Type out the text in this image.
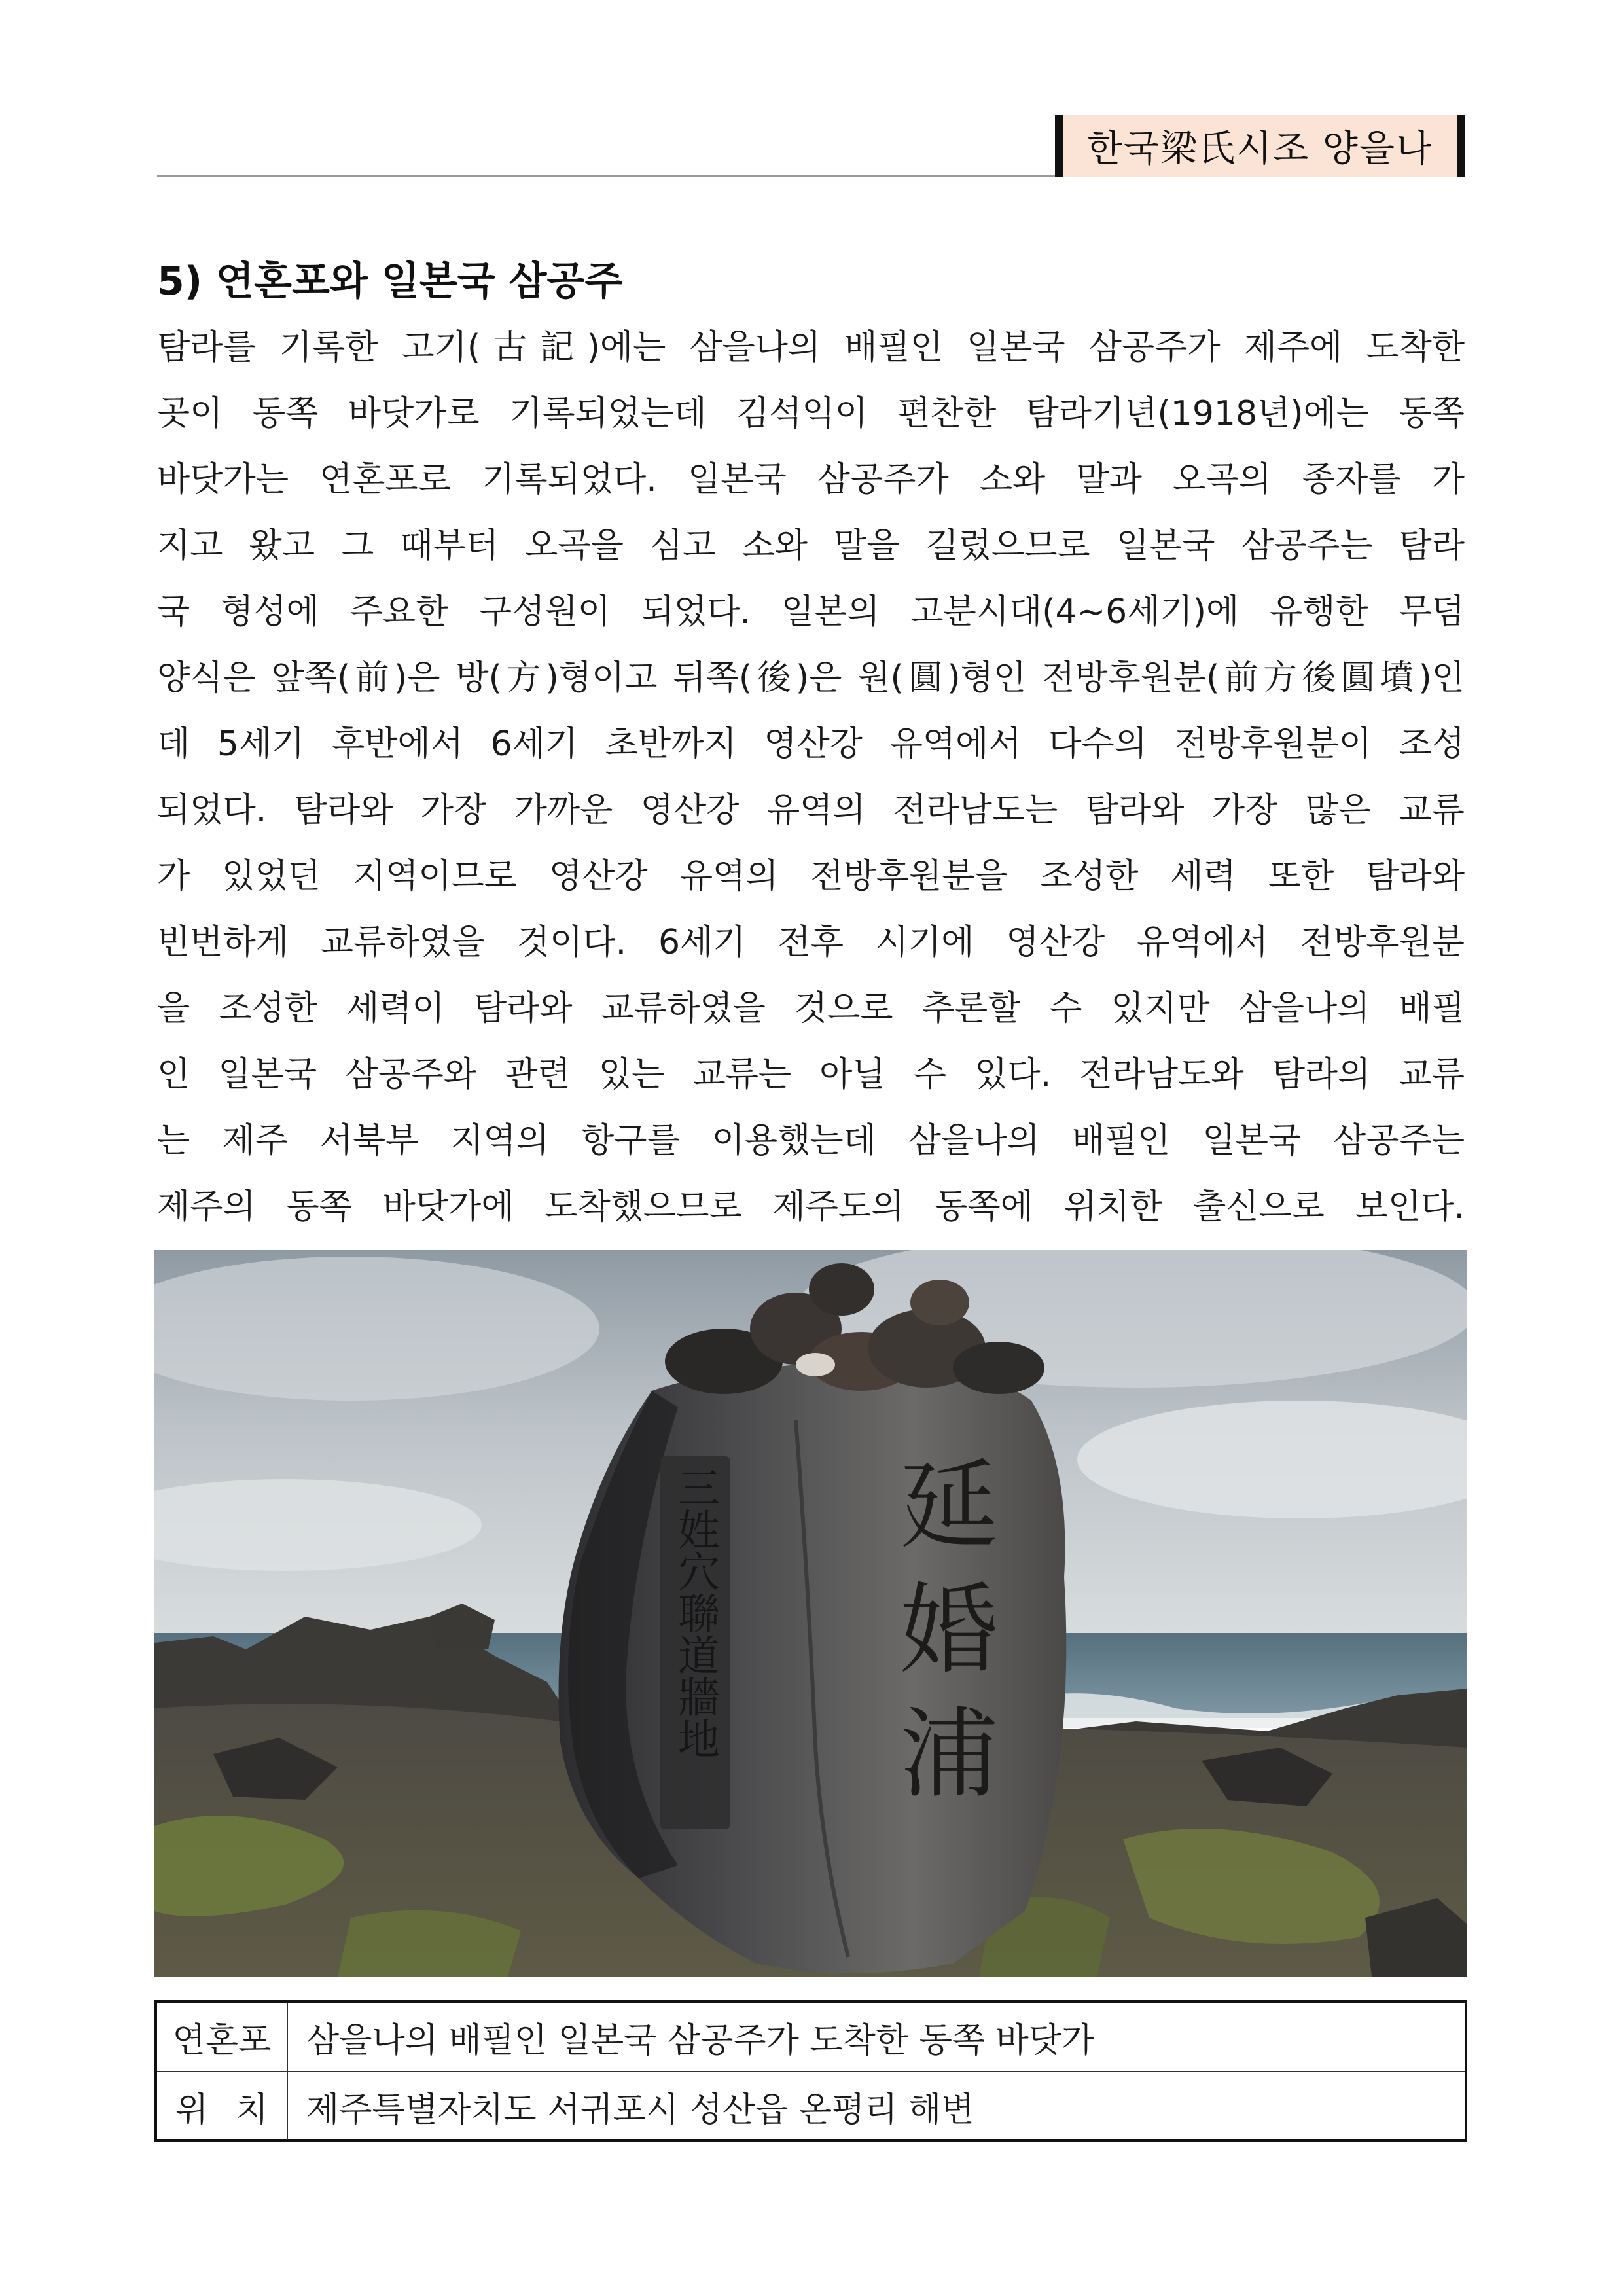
한국梁氏시조 양을나
5) 연혼포와 일본국 삼공주
탐라를 기록한 고기(古記)에는 삼을나의 배필인 일본국 삼공주가 제주에 도착한
곳이 동쪽 바닷가로 기록되었는데 김석익이 편찬한 탐라기년(1918년)에는 동쪽
바닷가는 연혼포로 기록되었다. 일본국 삼공주가 소와 말과 오곡의 종자를 가
지고 왔고 그 때부터 오곡을 심고 소와 말을 길렀으므로 일본국 삼공주는 탐라
국 형성에 주요한 구성원이 되었다. 일본의 고분시대(4~6세기)에 유행한 무덤
양식은 앞쪽(前)은 방(方)형이고 뒤쪽(後)은 원(圓)형인 전방후원분(前方後圓墳)인
데 5세기 후반에서 6세기 초반까지 영산강 유역에서 다수의 전방후원분이 조성
되었다. 탐라와 가장 가까운 영산강 유역의 전라남도는 탐라와 가장 많은 교류
가 있었던 지역이므로 영산강 유역의 전방후원분을 조성한 세력 또한 탐라와
빈번하게 교류하였을 것이다. 6세기 전후 시기에 영산강 유역에서 전방후원분
을 조성한 세력이 탐라와 교류하였을 것으로 추론할 수 있지만 삼을나의 배필
인 일본국 삼공주와 관련 있는 교류는 아닐 수 있다. 전라남도와 탐라의 교류
는 제주 서북부 지역의 항구를 이용했는데 삼을나의 배필인 일본국 삼공주는
제주의 동쪽 바닷가에 도착했으므로 제주도의 동쪽에 위치한 출신으로 보인다.
三姓穴聯道牆地 延婚浦
연혼포	삼을나의 배필인 일본국 삼공주가 도착한 동쪽 바닷가
위 치	제주특별자치도 서귀포시 성산읍 온평리 해변
